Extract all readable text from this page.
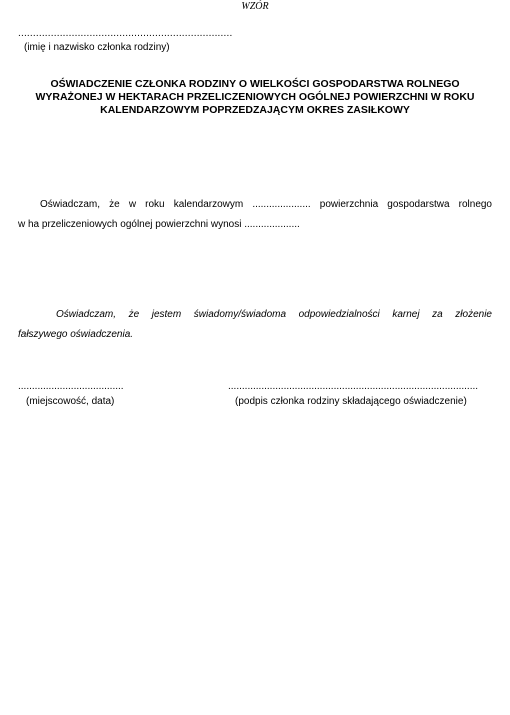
WZÓR
........................................................................
(imię i nazwisko członka rodziny)
OŚWIADCZENIE CZŁONKA RODZINY O WIELKOŚCI GOSPODARSTWA ROLNEGO
WYRAŻONEJ W HEKTARACH PRZELICZENIOWYCH OGÓLNEJ POWIERZCHNI W ROKU
KALENDARZOWYM POPRZEDZAJĄCYM OKRES ZASIŁKOWY
Oświadczam, że w roku kalendarzowym ..................... powierzchnia gospodarstwa rolnego
w ha przeliczeniowych ogólnej powierzchni wynosi ....................
Oświadczam, że jestem świadomy/świadoma odpowiedzialności karnej za złożenie
fałszywego oświadczenia.
......................................
(miejscowość, data)
..........................................................................................
(podpis członka rodziny składającego oświadczenie)
